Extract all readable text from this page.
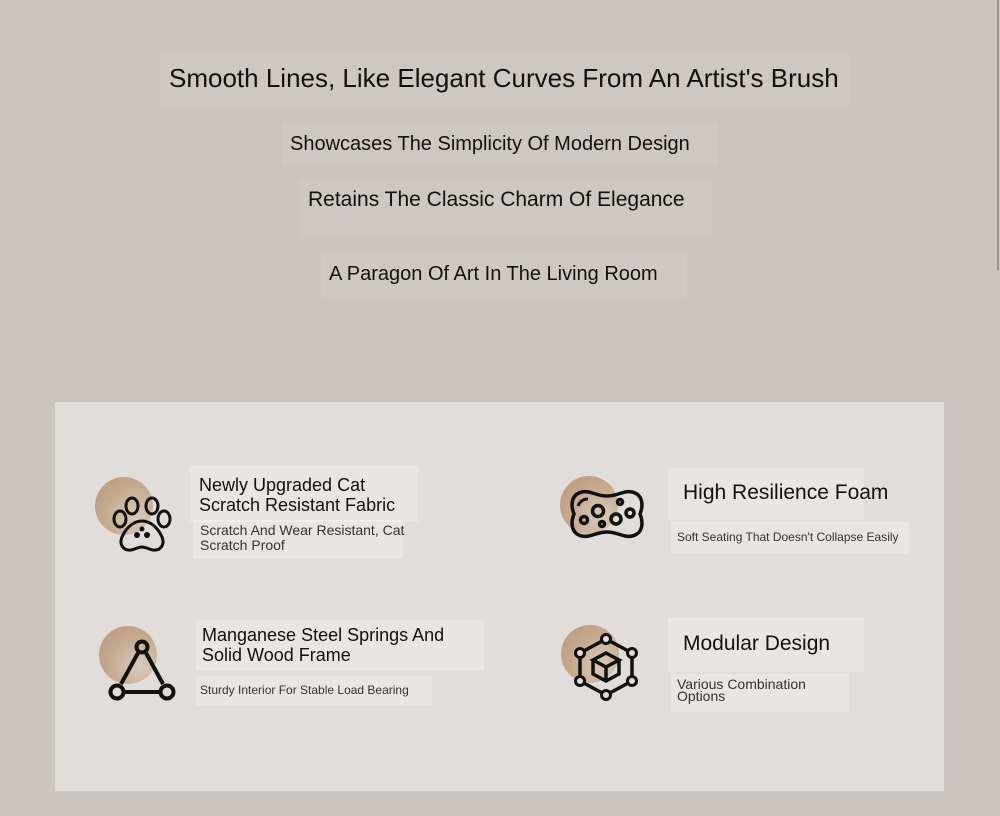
Smooth Lines, Like Elegant Curves From An Artist's Brush
Showcases The Simplicity Of Modern Design
Retains The Classic Charm Of Elegance
A Paragon Of Art In The Living Room
Newly Upgraded Cat Scratch Resistant Fabric
Scratch And Wear Resistant, Cat Scratch Proof
High Resilience Foam
Soft Seating That Doesn't Collapse Easily
Manganese Steel Springs And Solid Wood Frame
Sturdy Interior For Stable Load Bearing
Modular Design
Various Combination Options
